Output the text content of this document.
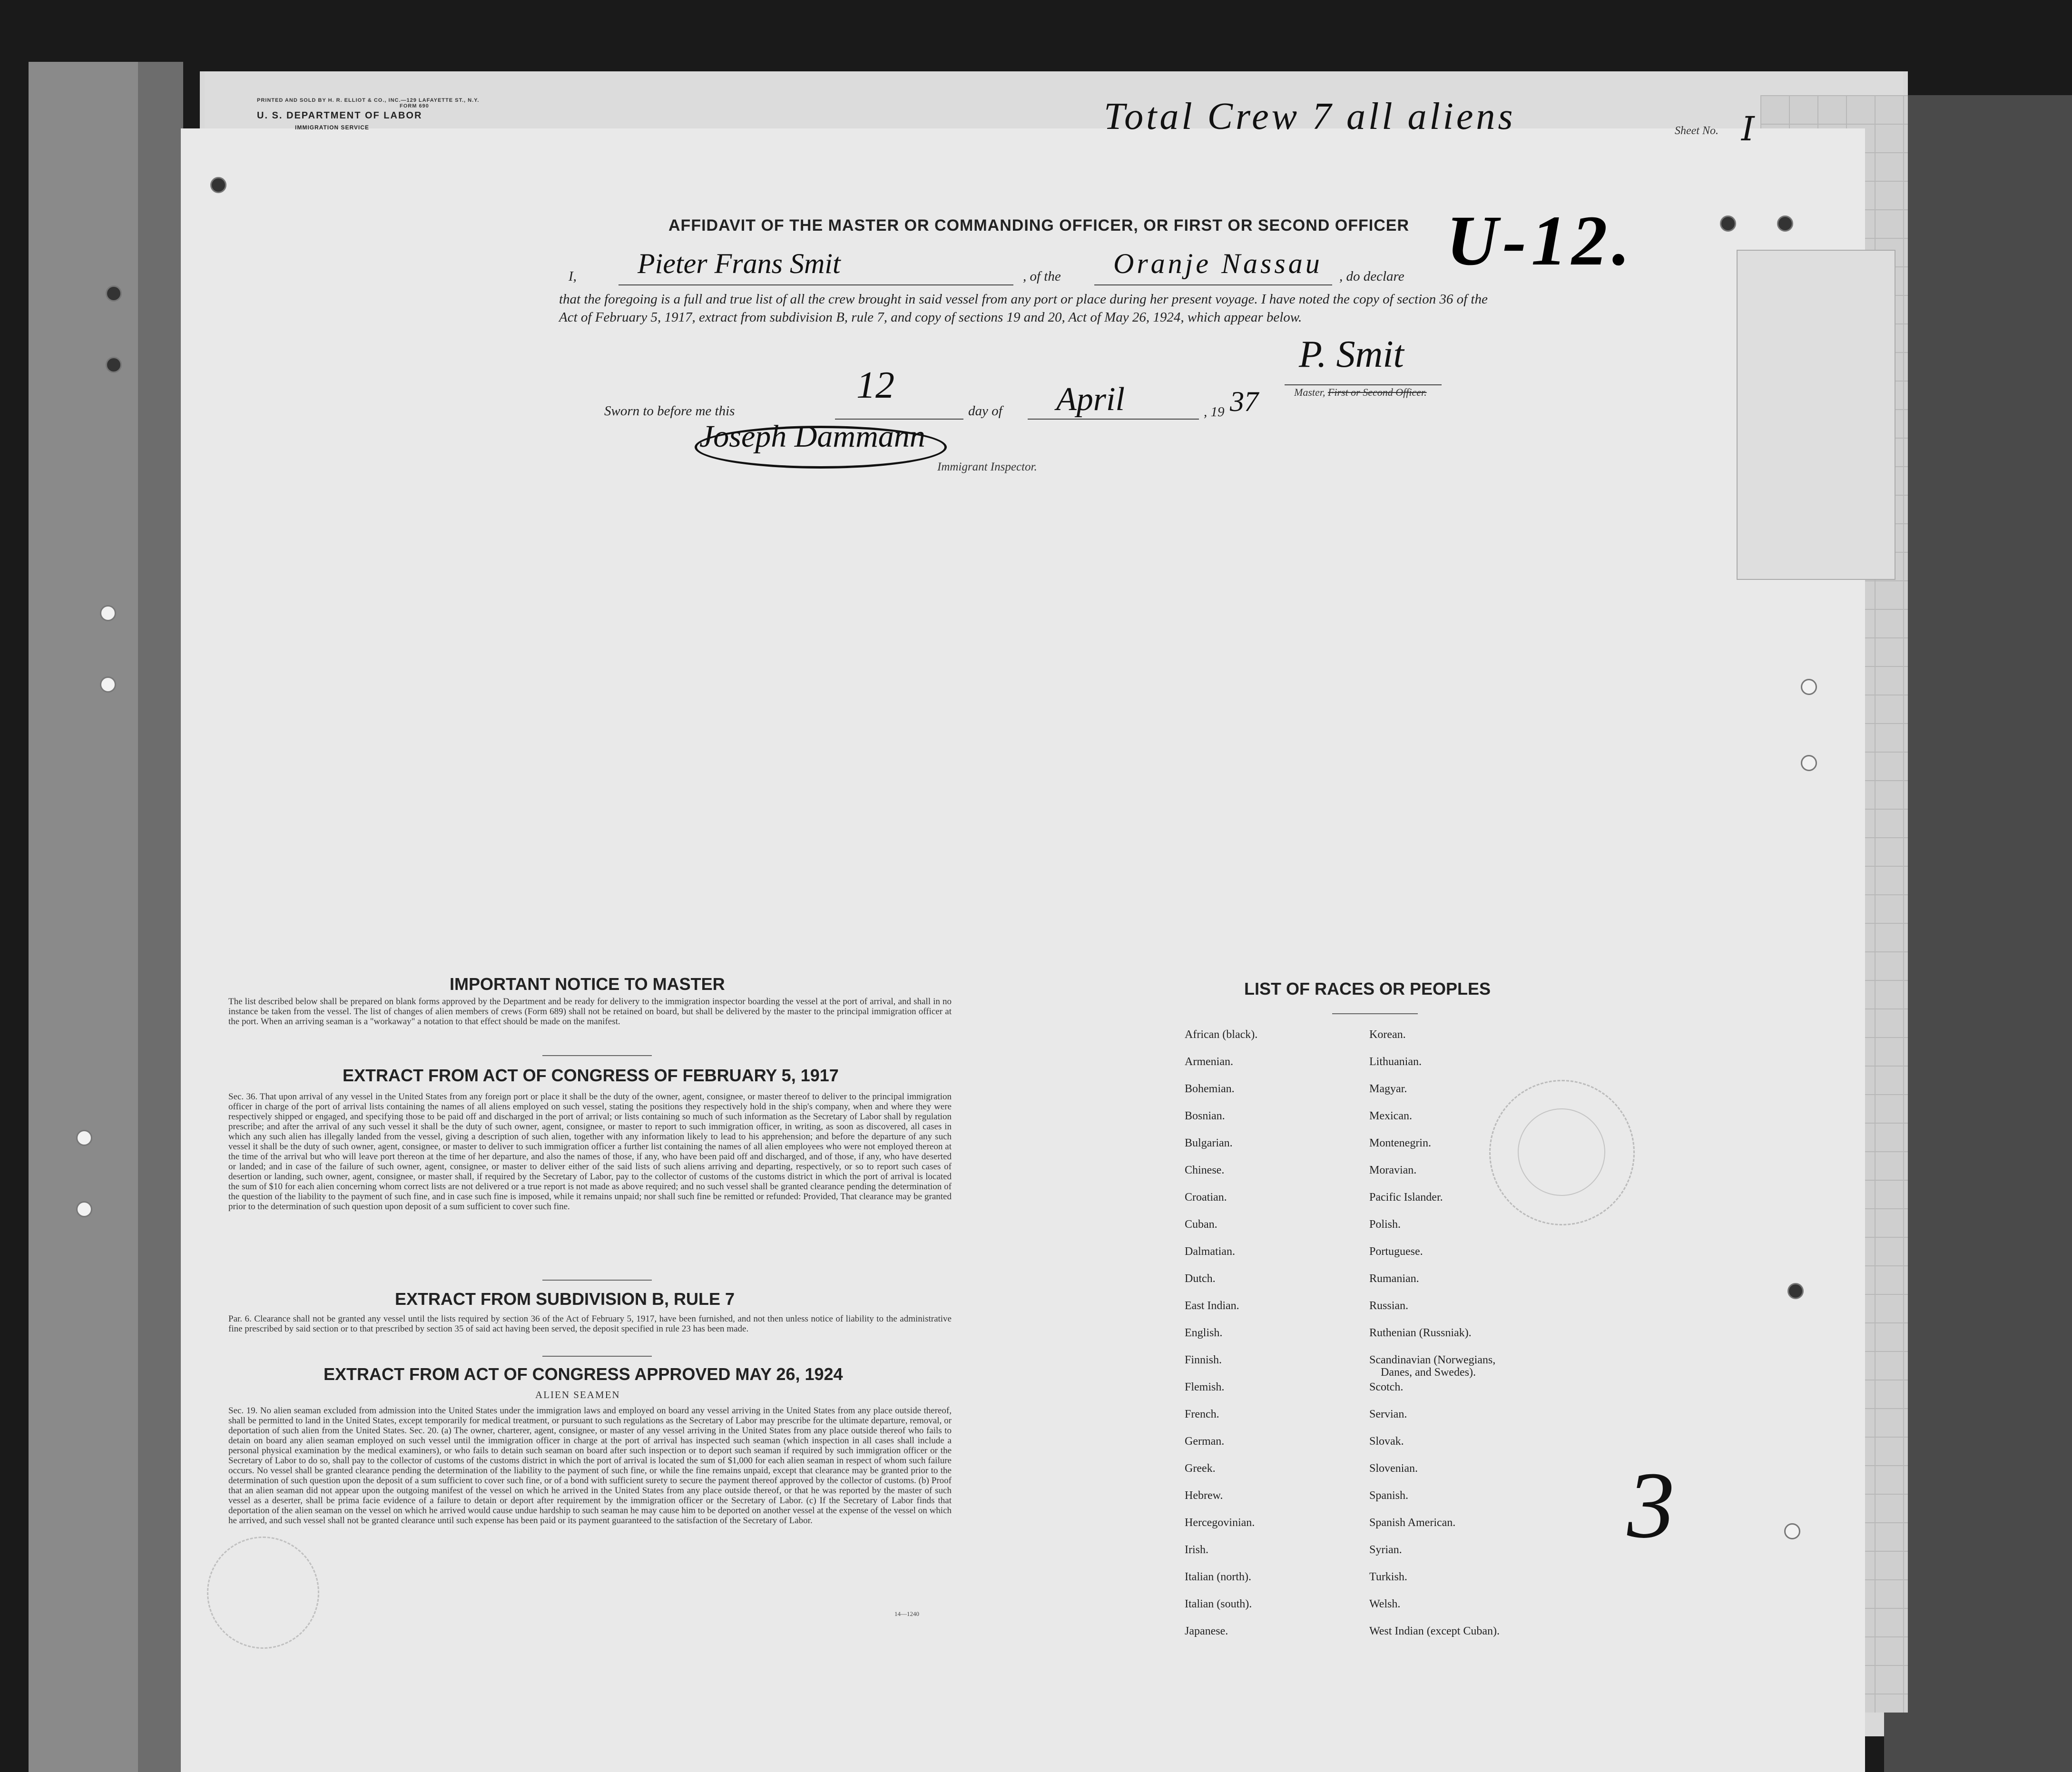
PRINTED AND SOLD BY H. R. ELLIOT & CO., INC.—129 LAFAYETTE ST., N.Y.
FORM 690
U. S. DEPARTMENT OF LABOR
IMMIGRATION SERVICE	Total Crew 7 all aliens	Sheet No. I
AFFIDAVIT OF THE MASTER OR COMMANDING OFFICER, OR FIRST OR SECOND OFFICER U-12.
I, Pieter Frans Smit	, of the Oranje Nassau , do declare
that the foregoing is a full and true list of all the crew brought in said vessel from any port or place during her present voyage. I have noted the copy of section 36 of the Act of February 5, 1917, extract from subdivision B, rule 7, and copy of sections 19 and 20, Act of May 26, 1924, which appear below.
P. Smit
Master, First or Second Officer.
Sworn to before me this
12
day of April	, 19 37
Joseph Dammann
Immigrant Inspector.
IMPORTANT NOTICE TO MASTER
The list described below shall be prepared on blank forms approved by the Department and be ready for delivery to the immigration inspector boarding the vessel at the port of arrival, and shall in no instance be taken from the vessel. The list of changes of alien members of crews (Form 689) shall not be retained on board, but shall be delivered by the master to the principal immigration officer at the port. When an arriving seaman is a "workaway" a notation to that effect should be made on the manifest.
EXTRACT FROM ACT OF CONGRESS OF FEBRUARY 5, 1917
Sec. 36. That upon arrival of any vessel in the United States from any foreign port or place it shall be the duty of the owner, agent, consignee, or master thereof to deliver to the principal immigration officer in charge of the port of arrival lists containing the names of all aliens employed on such vessel, stating the positions they respectively hold in the ship's company, when and where they were respectively shipped or engaged, and specifying those to be paid off and discharged in the port of arrival; or lists containing so much of such information as the Secretary of Labor shall by regulation prescribe; and after the arrival of any such vessel it shall be the duty of such owner, agent, consignee, or master to report to such immigration officer, in writing, as soon as discovered, all cases in which any such alien has illegally landed from the vessel, giving a description of such alien, together with any information likely to lead to his apprehension; and before the departure of any such vessel it shall be the duty of such owner, agent, consignee, or master to deliver to such immigration officer a further list containing the names of all alien employees who were not employed thereon at the time of the arrival but who will leave port thereon at the time of her departure, and also the names of those, if any, who have been paid off and discharged, and of those, if any, who have deserted or landed; and in case of the failure of such owner, agent, consignee, or master to deliver either of the said lists of such aliens arriving and departing, respectively, or so to report such cases of desertion or landing, such owner, agent, consignee, or master shall, if required by the Secretary of Labor, pay to the collector of customs of the customs district in which the port of arrival is located the sum of $10 for each alien concerning whom correct lists are not delivered or a true report is not made as above required; and no such vessel shall be granted clearance pending the determination of the question of the liability to the payment of such fine, and in case such fine is imposed, while it remains unpaid; nor shall such fine be remitted or refunded: Provided, That clearance may be granted prior to the determination of such question upon deposit of a sum sufficient to cover such fine.
EXTRACT FROM SUBDIVISION B, RULE 7
Par. 6. Clearance shall not be granted any vessel until the lists required by section 36 of the Act of February 5, 1917, have been furnished, and not then unless notice of liability to the administrative fine prescribed by said section or to that prescribed by section 35 of said act having been served, the deposit specified in rule 23 has been made.
EXTRACT FROM ACT OF CONGRESS APPROVED MAY 26, 1924
ALIEN SEAMEN
Sec. 19. No alien seaman excluded from admission into the United States under the immigration laws and employed on board any vessel arriving in the United States from any place outside thereof, shall be permitted to land in the United States, except temporarily for medical treatment, or pursuant to such regulations as the Secretary of Labor may prescribe for the ultimate departure, removal, or deportation of such alien from the United States. Sec. 20. (a) The owner, charterer, agent, consignee, or master of any vessel arriving in the United States from any place outside thereof who fails to detain on board any alien seaman employed on such vessel until the immigration officer in charge at the port of arrival has inspected such seaman (which inspection in all cases shall include a personal physical examination by the medical examiners), or who fails to detain such seaman on board after such inspection or to deport such seaman if required by such immigration officer or the Secretary of Labor to do so, shall pay to the collector of customs of the customs district in which the port of arrival is located the sum of $1,000 for each alien seaman in respect of whom such failure occurs. No vessel shall be granted clearance pending the determination of the liability to the payment of such fine, or while the fine remains unpaid, except that clearance may be granted prior to the determination of such question upon the deposit of a sum sufficient to cover such fine, or of a bond with sufficient surety to secure the payment thereof approved by the collector of customs. (b) Proof that an alien seaman did not appear upon the outgoing manifest of the vessel on which he arrived in the United States from any place outside thereof, or that he was reported by the master of such vessel as a deserter, shall be prima facie evidence of a failure to detain or deport after requirement by the immigration officer or the Secretary of Labor. (c) If the Secretary of Labor finds that deportation of the alien seaman on the vessel on which he arrived would cause undue hardship to such seaman he may cause him to be deported on another vessel at the expense of the vessel on which he arrived, and such vessel shall not be granted clearance until such expense has been paid or its payment guaranteed to the satisfaction of the Secretary of Labor.
14—1240
LIST OF RACES OR PEOPLES
3
African (black).
Armenian.
Bohemian.
Bosnian.
Bulgarian.
Chinese.
Croatian.
Cuban.
Dalmatian.
Dutch.
East Indian.
English.
Finnish.
Flemish.
French.
German.
Greek.
Hebrew.
Hercegovinian.
Irish.
Italian (north).
Italian (south).
Japanese.
Korean.
Lithuanian.
Magyar.
Mexican.
Montenegrin.
Moravian.
Pacific Islander.
Polish.
Portuguese.
Rumanian.
Russian.
Ruthenian (Russniak).
Scandinavian (Norwegians,
Danes, and Swedes).
Scotch.
Servian.
Slovak.
Slovenian.
Spanish.
Spanish American.
Syrian.
Turkish.
Welsh.
West Indian (except Cuban).
